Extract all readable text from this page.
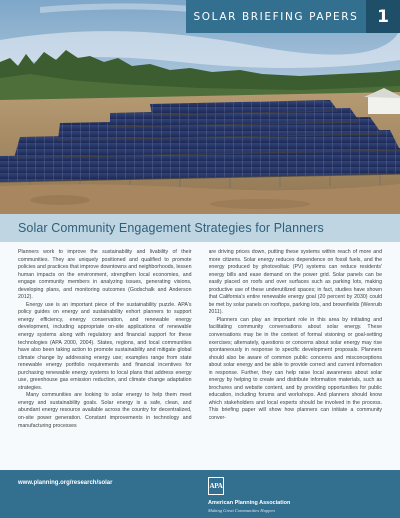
SOLAR BRIEFING PAPERS	1
Solar Community Engagement Strategies for Planners

Planners work to improve the sustainability and livability of their communities. They are uniquely positioned and qualified to promote policies and practices that improve downtowns and neighborhoods, lessen human impacts on the environment, strengthen local economies, and engage community members in analyzing issues, generating visions, developing plans, and monitoring outcomes (Godschalk and Anderson 2012).

Energy use is an important piece of the sustainability puzzle. APA's policy guides on energy and sustainability exhort planners to support energy efficiency, energy conservation, and renewable energy development, including appropriate on-site applications of renewable energy systems along with regulatory and financial support for these technologies (APA 2000, 2004). States, regions, and local communities have also been taking action to promote sustainability and mitigate global climate change by addressing energy use; examples range from state renewable energy portfolio requirements and financial incentives for purchasing renewable energy systems to local plans that address energy use, greenhouse gas emission reduction, and climate change adaptation strategies.

Many communities are looking to solar energy to help them meet energy and sustainability goals. Solar energy is a safe, clean, and abundant energy resource available across the country for decentralized, on-site power generation. Constant improvements in technology and manufacturing processes

are driving prices down, putting these systems within reach of more and more citizens. Solar energy reduces dependence on fossil fuels, and the energy produced by photovoltaic (PV) systems can reduce residents' energy bills and ease demand on the power grid. Solar panels can be easily placed on roofs and over surfaces such as parking lots, making productive use of these underutilized spaces; in fact, studies have shown that California's entire renewable energy goal (20 percent by 2030) could be met by solar panels on rooftops, parking lots, and brownfields (Wenruib 2011).

Planners can play an important role in this area by initiating and facilitating community conversations about solar energy. These conversations may be in the context of formal visioning or goal-setting exercises; alternately, questions or concerns about solar energy may rise spontaneously in response to specific development proposals. Planners should also be aware of common public concerns and misconceptions about solar energy and be able to provide correct and current information in response. Further, they can help raise local awareness about solar energy by helping to create and distribute information materials, such as brochures and website content, and by providing opportunities for public education, including forums and workshops. And planners should know which stakeholders and local experts should be involved in the process. This briefing paper will show how planners can initiate a community conver-

www.planning.org/research/solar	APA
American Planning Association
Making Great Communities Happen
